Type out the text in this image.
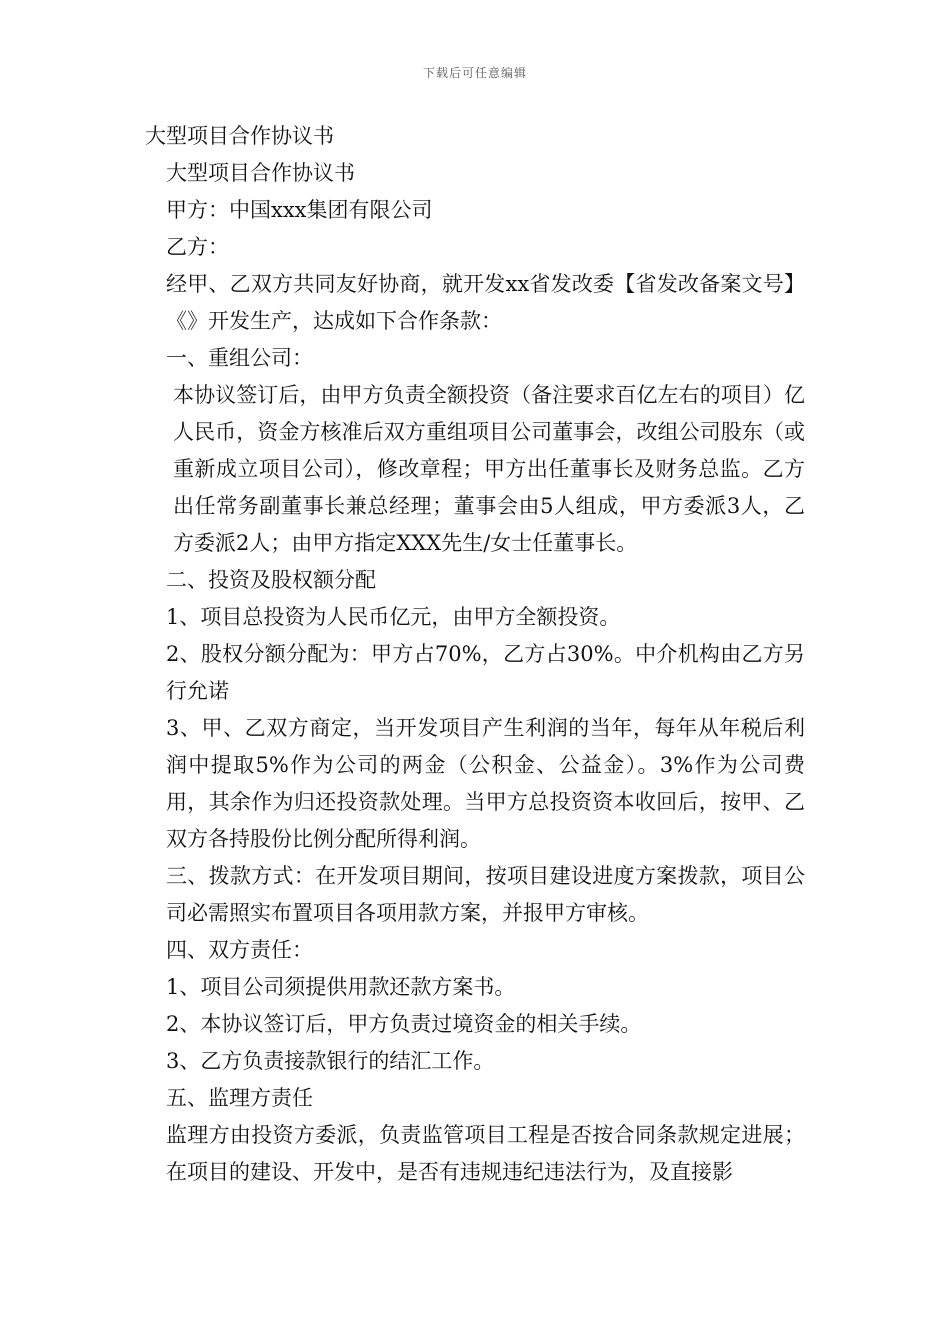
下载后可任意编辑
大型项目合作协议书
大型项目合作协议书
甲方：中国xxx集团有限公司
乙方：
经甲、乙双方共同友好协商，就开发xx省发改委【省发改备案文号】《》开发生产，达成如下合作条款：
一、重组公司：
本协议签订后，由甲方负责全额投资（备注要求百亿左右的项目）亿人民币，资金方核准后双方重组项目公司董事会，改组公司股东（或重新成立项目公司），修改章程；甲方出任董事长及财务总监。乙方出任常务副董事长兼总经理；董事会由5人组成，甲方委派3人，乙方委派2人；由甲方指定XXX先生/女士任董事长。
二、投资及股权额分配
1、项目总投资为人民币亿元，由甲方全额投资。
2、股权分额分配为：甲方占70%，乙方占30%。中介机构由乙方另行允诺
3、甲、乙双方商定，当开发项目产生利润的当年，每年从年税后利润中提取5%作为公司的两金（公积金、公益金）。3%作为公司费用，其余作为归还投资款处理。当甲方总投资资本收回后，按甲、乙双方各持股份比例分配所得利润。
三、拨款方式：在开发项目期间，按项目建设进度方案拨款，项目公司必需照实布置项目各项用款方案，并报甲方审核。
四、双方责任：
1、项目公司须提供用款还款方案书。
2、本协议签订后，甲方负责过境资金的相关手续。
3、乙方负责接款银行的结汇工作。
五、监理方责任
监理方由投资方委派，负责监管项目工程是否按合同条款规定进展；在项目的建设、开发中，是否有违规违纪违法行为，及直接影
